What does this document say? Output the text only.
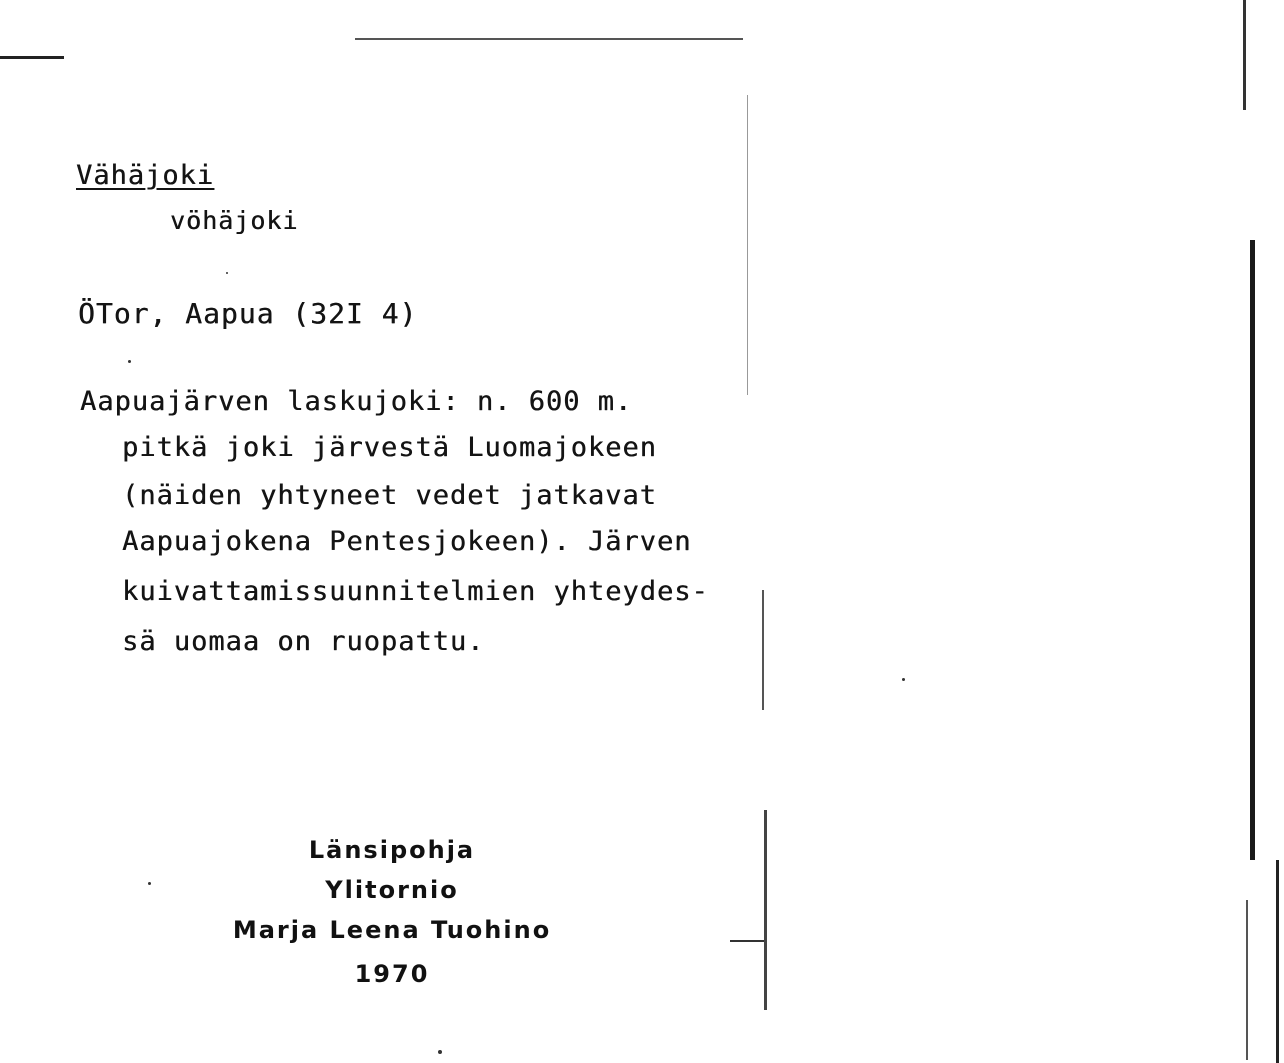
Vähäjoki
vöhäjoki
ÖTor, Aapua (32I 4)
Aapuajärven laskujoki: n. 600 m.
pitkä joki järvestä Luomajokeen
(näiden yhtyneet vedet jatkavat
Aapuajokena Pentesjokeen). Järven
kuivattamissuunnitelmien yhteydes-
sä uomaa on ruopattu.
Länsipohja
Ylitornio
Marja Leena Tuohino
1970
